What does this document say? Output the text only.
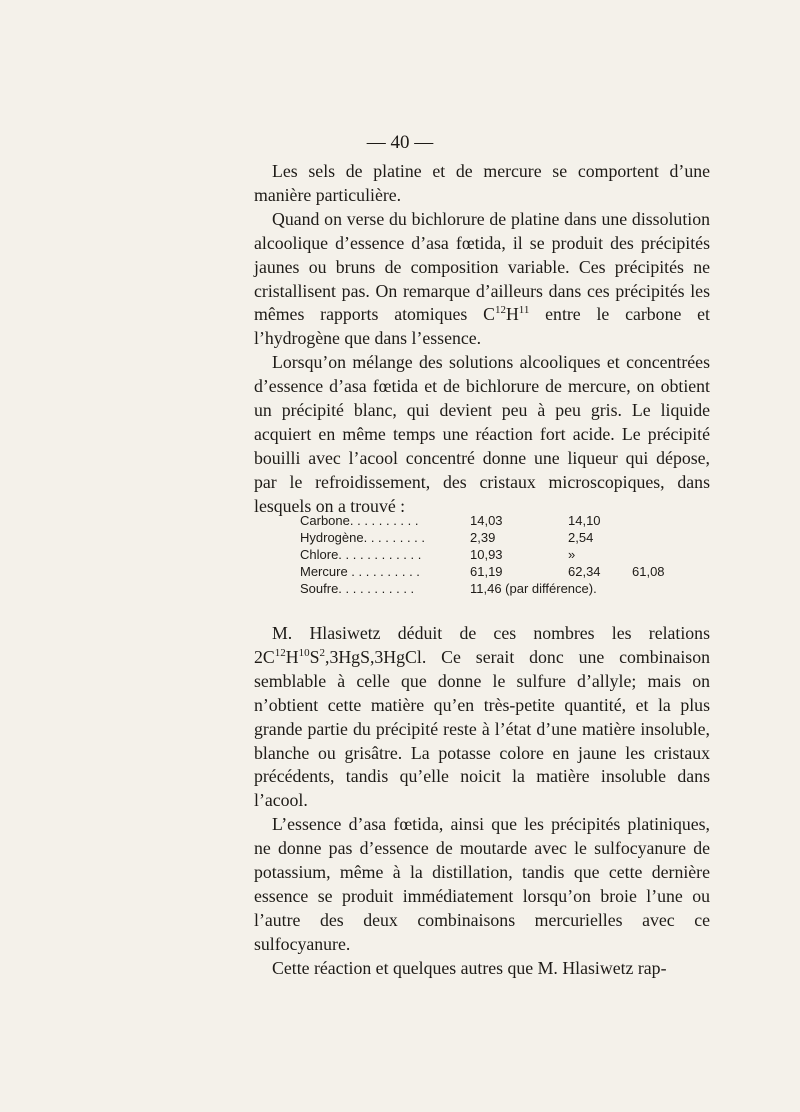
— 40 —

Les sels de platine et de mercure se comportent d’une manière particulière.

Quand on verse du bichlorure de platine dans une dissolution alcoolique d’essence d’asa fœtida, il se produit des précipités jaunes ou bruns de composition variable. Ces précipités ne cristallisent pas. On remarque d’ailleurs dans ces précipités les mêmes rapports atomiques $C^{12}H^{11}$ entre le carbone et l’hydrogène que dans l’essence.

Lorsqu’on mélange des solutions alcooliques et concentrées d’essence d’asa fœtida et de bichlorure de mercure, on obtient un précipité blanc, qui devient peu à peu gris. Le liquide acquiert en même temps une réaction fort acide. Le précipité bouilli avec l’acool concentré donne une liqueur qui dépose, par le refroidissement, des cristaux microscopiques, dans lesquels on a trouvé :

Carbone. . . . . . . . . .	14,03	14,10
Hydrogène. . . . . . . . .	2,39	2,54
Chlore. . . . . . . . . . . .	10,93	»
Mercure . . . . . . . . . .	61,19	62,34 61,08
Soufre. . . . . . . . . . .	11,46 (par différence).

M. Hlasiwetz déduit de ces nombres les relations $2C^{12}H^{10}S^2,3HgS,3HgCl$. Ce serait donc une combinaison semblable à celle que donne le sulfure d’allyle; mais on n’obtient cette matière qu’en très-petite quantité, et la plus grande partie du précipité reste à l’état d’une matière insoluble, blanche ou grisâtre. La potasse colore en jaune les cristaux précédents, tandis qu’elle noicit la matière insoluble dans l’acool.

L’essence d’asa fœtida, ainsi que les précipités platiniques, ne donne pas d’essence de moutarde avec le sulfocyanure de potassium, même à la distillation, tandis que cette dernière essence se produit immédiatement lorsqu’on broie l’une ou l’autre des deux combinaisons mercurielles avec ce sulfocyanure.

Cette réaction et quelques autres que M. Hlasiwetz rap-
